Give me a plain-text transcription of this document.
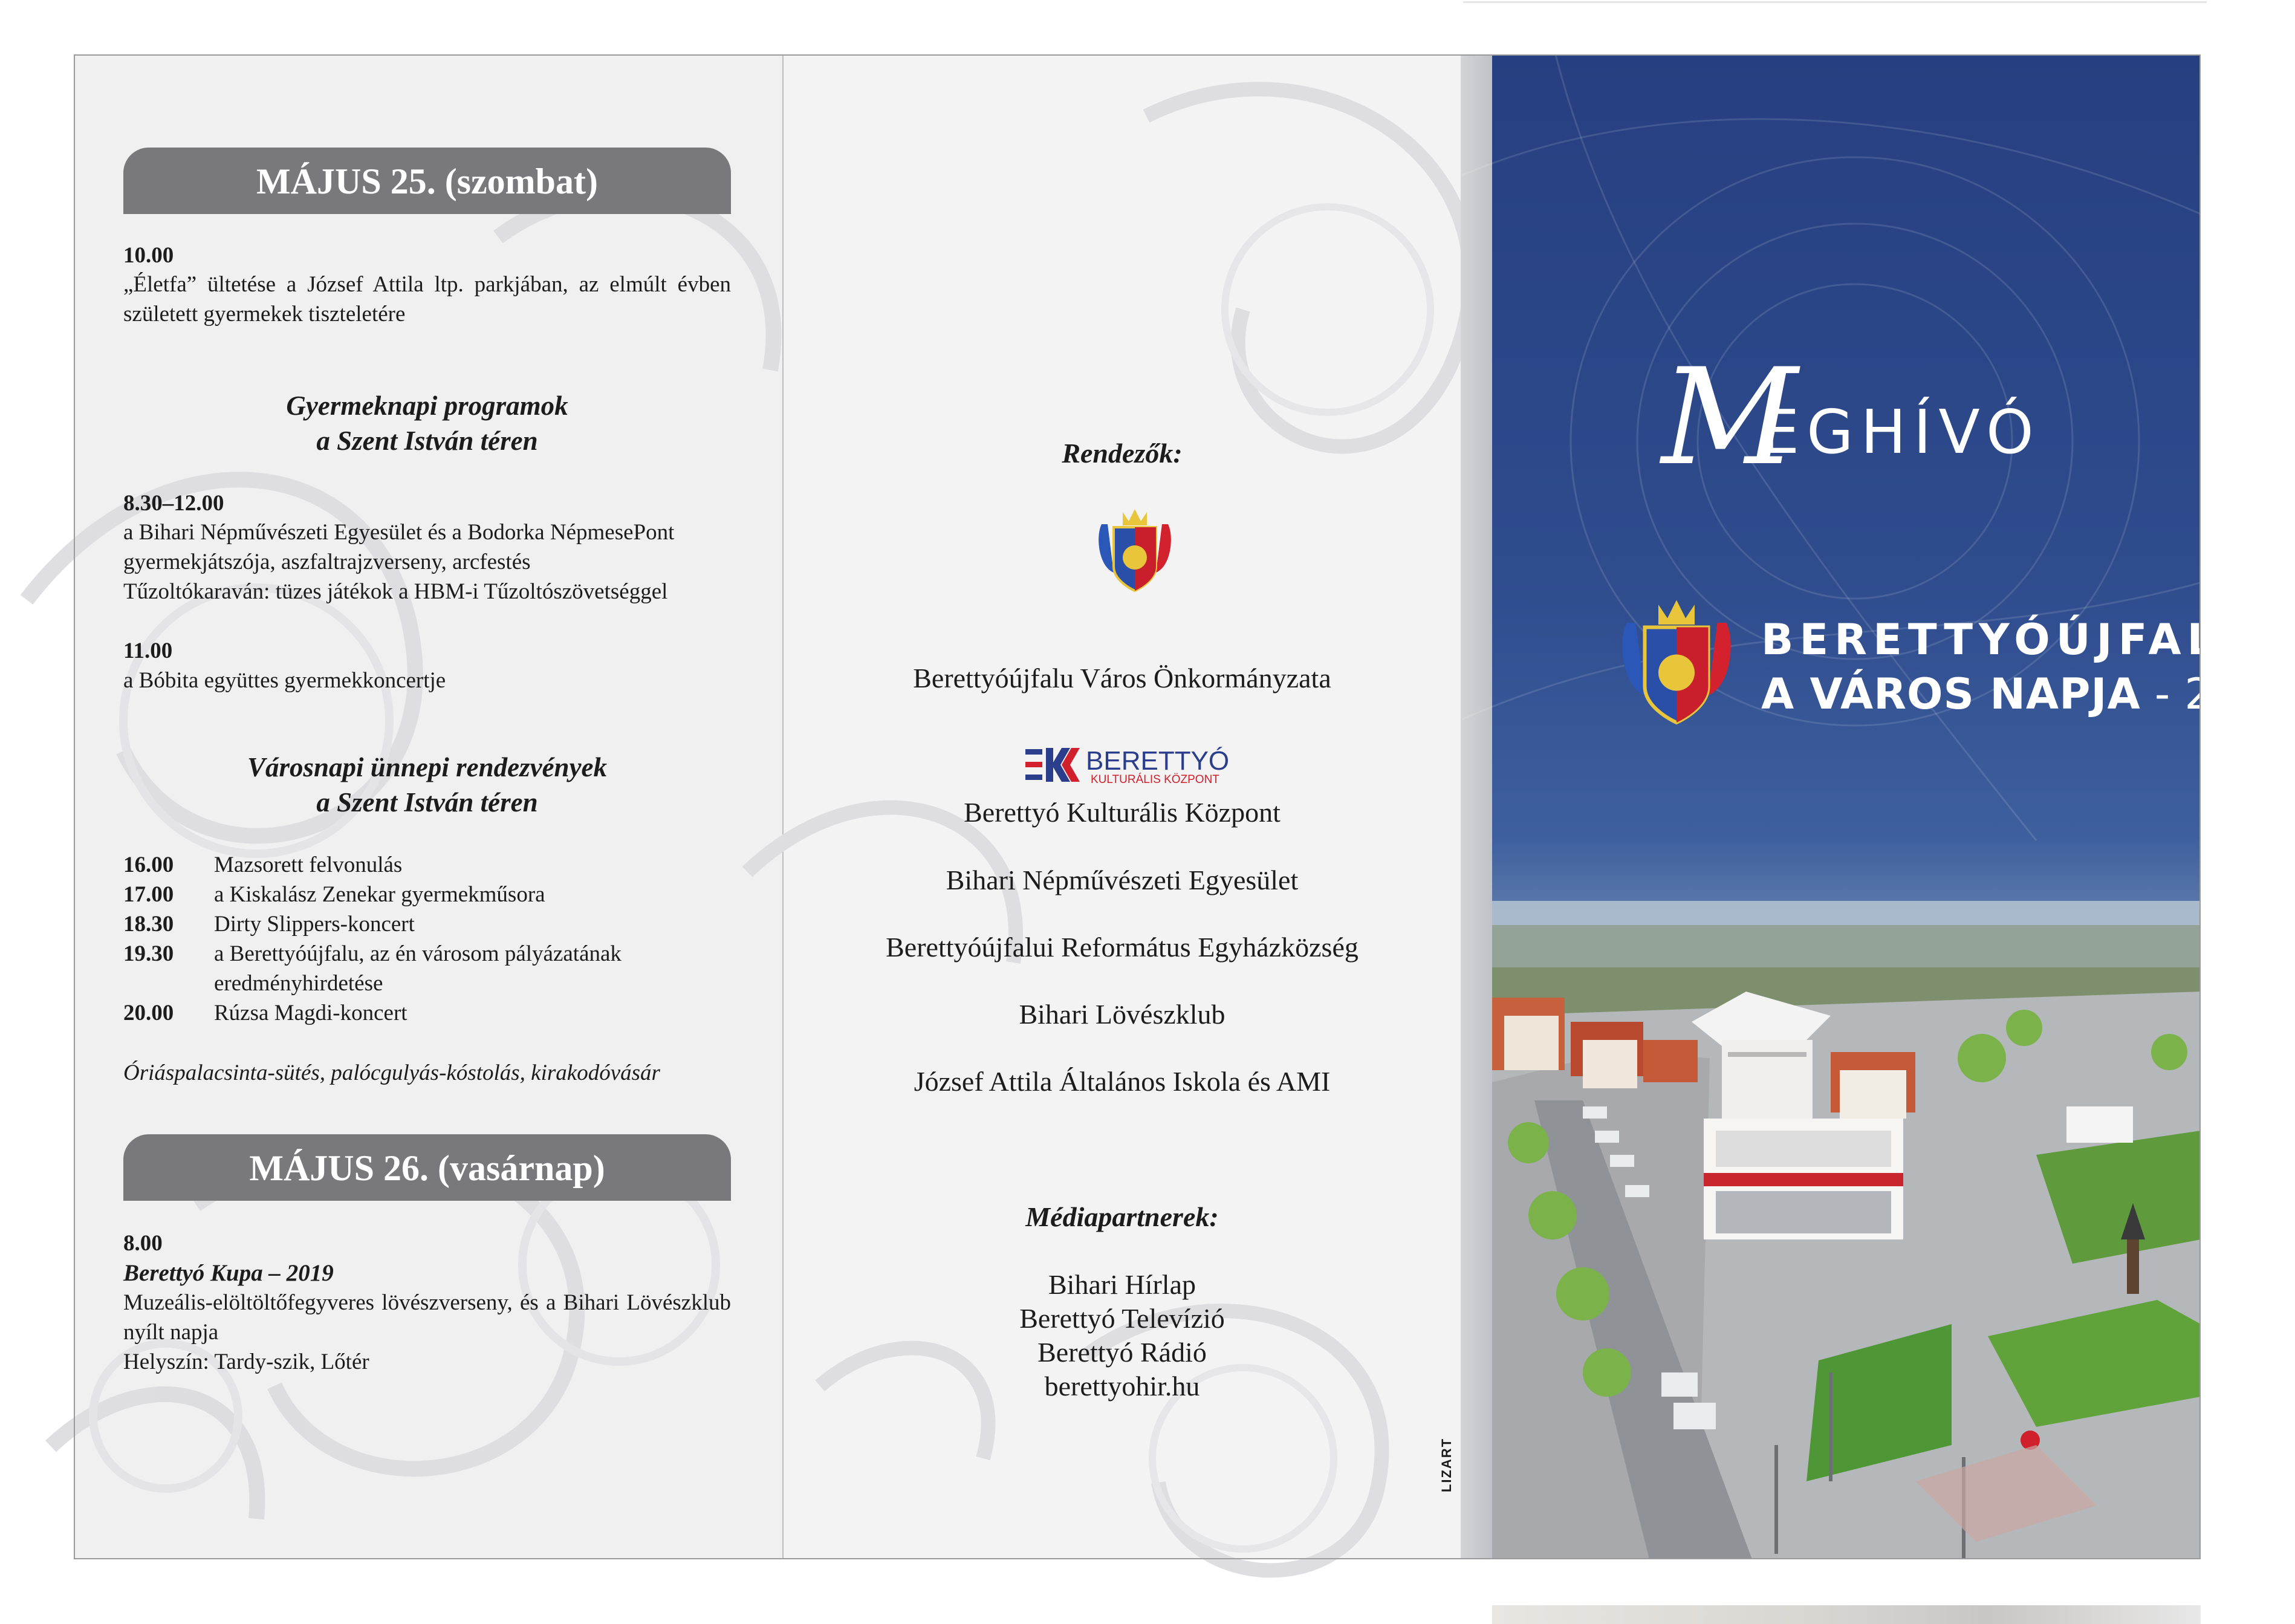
MÁJUS 25. (szombat)
10.00
„Életfa” ültetése a József Attila ltp. parkjában, az elmúlt évben született gyermekek tiszteletére
Gyermeknapi programok
a Szent István téren
8.30–12.00
a Bihari Népművészeti Egyesület és a Bodorka NépmesePont
gyermekjátszója, aszfaltrajzverseny, arcfestés
Tűzoltókaraván: tüzes játékok a HBM-i Tűzoltószövetséggel
11.00
a Bóbita együttes gyermekkoncertje
Városnapi ünnepi rendezvények
a Szent István téren
16.00 Mazsorett felvonulás
17.00 a Kiskalász Zenekar gyermekműsora
18.30 Dirty Slippers-koncert
19.30 a Berettyóújfalu, az én városom pályázatának eredményhirdetése
20.00 Rúzsa Magdi-koncert
Óriáspalacsinta-sütés, palócgulyás-kóstolás, kirakodóvásár
MÁJUS 26. (vasárnap)
8.00
Berettyó Kupa – 2019
Muzeális-elöltöltőfegyveres lövészverseny, és a Bihari Lövészklub nyílt napja
Helyszín: Tardy-szik, Lőtér
Rendezők:
Berettyóújfalu Város Önkormányzata
BERETTYÓ
KULTURÁLIS KÖZPONT
Berettyó Kulturális Központ
Bihari Népművészeti Egyesület
Berettyóújfalui Református Egyházközség
Bihari Lövészklub
József Attila Általános Iskola és AMI
Médiapartnerek:
Bihari Hírlap
Berettyó Televízió
Berettyó Rádió
berettyohir.hu
LIZART
M
EGHÍVÓ
BERETTYÓÚJFALU
A VÁROS NAPJA - 2019
